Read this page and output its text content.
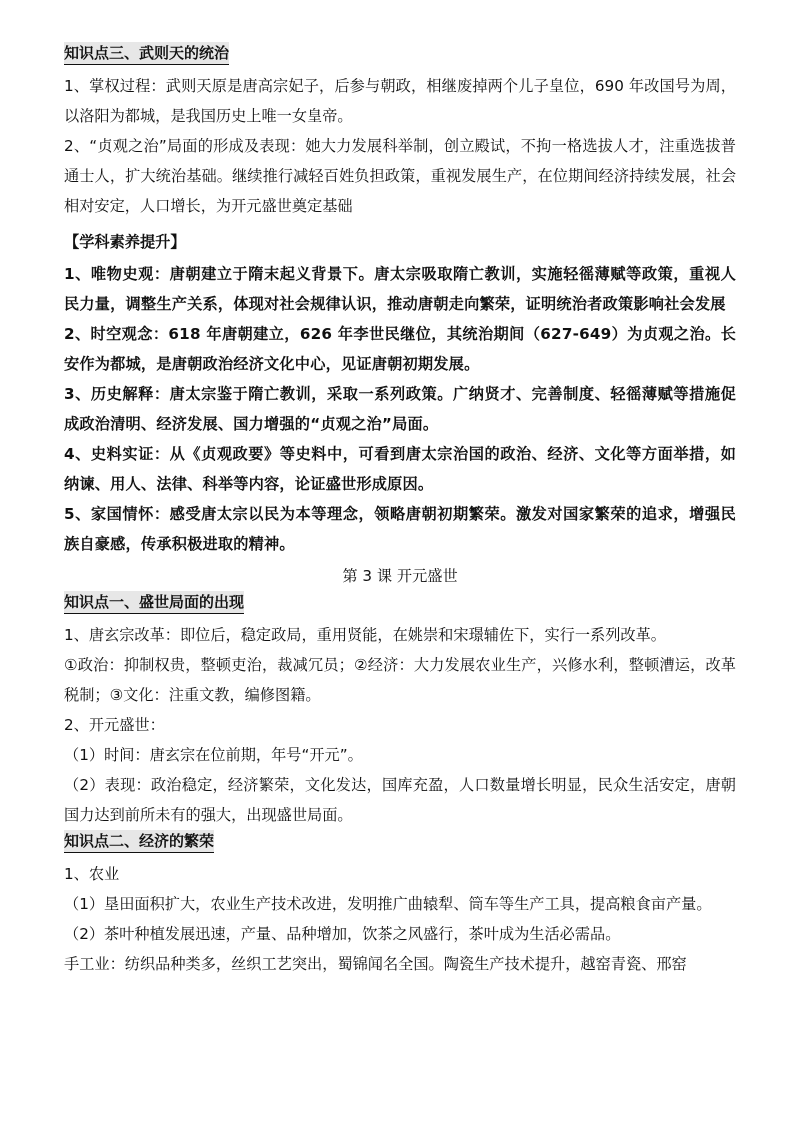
知识点三、武则天的统治

1、掌权过程：武则天原是唐高宗妃子，后参与朝政，相继废掉两个儿子皇位，690 年改国号为周，以洛阳为都城，是我国历史上唯一女皇帝。

2、“贞观之治”局面的形成及表现：她大力发展科举制，创立殿试，不拘一格选拔人才，注重选拔普通士人，扩大统治基础。继续推行减轻百姓负担政策，重视发展生产，在位期间经济持续发展，社会相对安定，人口增长，为开元盛世奠定基础

【学科素养提升】

1、唯物史观：唐朝建立于隋末起义背景下。唐太宗吸取隋亡教训，实施轻徭薄赋等政策，重视人民力量，调整生产关系，体现对社会规律认识，推动唐朝走向繁荣，证明统治者政策影响社会发展

2、时空观念：618 年唐朝建立，626 年李世民继位，其统治期间（627-649）为贞观之治。长安作为都城，是唐朝政治经济文化中心，见证唐朝初期发展。

3、历史解释：唐太宗鉴于隋亡教训，采取一系列政策。广纳贤才、完善制度、轻徭薄赋等措施促成政治清明、经济发展、国力增强的“贞观之治”局面。

4、史料实证：从《贞观政要》等史料中，可看到唐太宗治国的政治、经济、文化等方面举措，如纳谏、用人、法律、科举等内容，论证盛世形成原因。

5、家国情怀：感受唐太宗以民为本等理念，领略唐朝初期繁荣。激发对国家繁荣的追求，增强民族自豪感，传承积极进取的精神。

第 3 课 开元盛世
知识点一、盛世局面的出现

1、唐玄宗改革：即位后，稳定政局，重用贤能，在姚崇和宋璟辅佐下，实行一系列改革。

①政治：抑制权贵，整顿吏治，裁减冗员；②经济：大力发展农业生产，兴修水利，整顿漕运，改革税制；③文化：注重文教，编修图籍。

2、开元盛世：

（1）时间：唐玄宗在位前期，年号“开元”。

（2）表现：政治稳定，经济繁荣，文化发达，国库充盈，人口数量增长明显，民众生活安定，唐朝国力达到前所未有的强大，出现盛世局面。

知识点二、经济的繁荣

1、农业

（1）垦田面积扩大，农业生产技术改进，发明推广曲辕犁、筒车等生产工具，提高粮食亩产量。

（2）茶叶种植发展迅速，产量、品种增加，饮茶之风盛行，茶叶成为生活必需品。

手工业：纺织品种类多，丝织工艺突出，蜀锦闻名全国。陶瓷生产技术提升，越窑青瓷、邢窑
